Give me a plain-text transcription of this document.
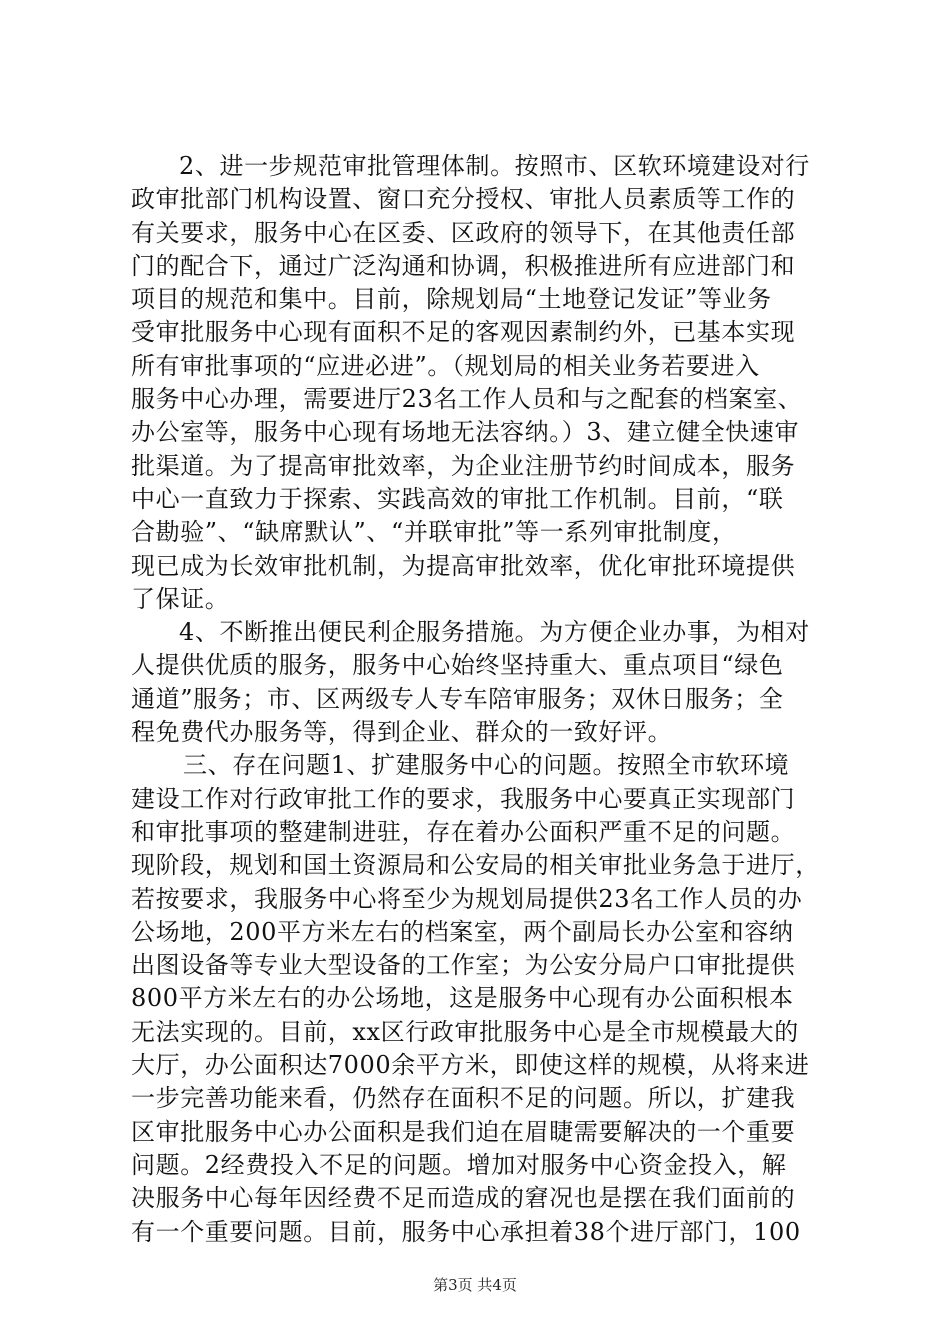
2、进一步规范审批管理体制。按照市、区软环境建设对行
政审批部门机构设置、窗口充分授权、审批人员素质等工作的
有关要求，服务中心在区委、区政府的领导下，在其他责任部
门的配合下，通过广泛沟通和协调，积极推进所有应进部门和
项目的规范和集中。目前，除规划局“土地登记发证”等业务
受审批服务中心现有面积不足的客观因素制约外，已基本实现
所有审批事项的“应进必进”。（规划局的相关业务若要进入
服务中心办理，需要进厅23名工作人员和与之配套的档案室、
办公室等，服务中心现有场地无法容纳。）3、建立健全快速审
批渠道。为了提高审批效率，为企业注册节约时间成本，服务
中心一直致力于探索、实践高效的审批工作机制。目前，“联
合勘验”、“缺席默认”、“并联审批”等一系列审批制度，
现已成为长效审批机制，为提高审批效率，优化审批环境提供
了保证。
4、不断推出便民利企服务措施。为方便企业办事，为相对
人提供优质的服务，服务中心始终坚持重大、重点项目“绿色
通道”服务；市、区两级专人专车陪审服务；双休日服务；全
程免费代办服务等，得到企业、群众的一致好评。
三、存在问题1、扩建服务中心的问题。按照全市软环境
建设工作对行政审批工作的要求，我服务中心要真正实现部门
和审批事项的整建制进驻，存在着办公面积严重不足的问题。
现阶段，规划和国土资源局和公安局的相关审批业务急于进厅，
若按要求，我服务中心将至少为规划局提供23名工作人员的办
公场地，200平方米左右的档案室，两个副局长办公室和容纳
出图设备等专业大型设备的工作室；为公安分局户口审批提供
800平方米左右的办公场地，这是服务中心现有办公面积根本
无法实现的。目前，xx区行政审批服务中心是全市规模最大的
大厅，办公面积达7000余平方米，即使这样的规模，从将来进
一步完善功能来看，仍然存在面积不足的问题。所以，扩建我
区审批服务中心办公面积是我们迫在眉睫需要解决的一个重要
问题。2经费投入不足的问题。增加对服务中心资金投入，解
决服务中心每年因经费不足而造成的窘况也是摆在我们面前的
有一个重要问题。目前，服务中心承担着38个进厅部门，100
第3页 共4页
